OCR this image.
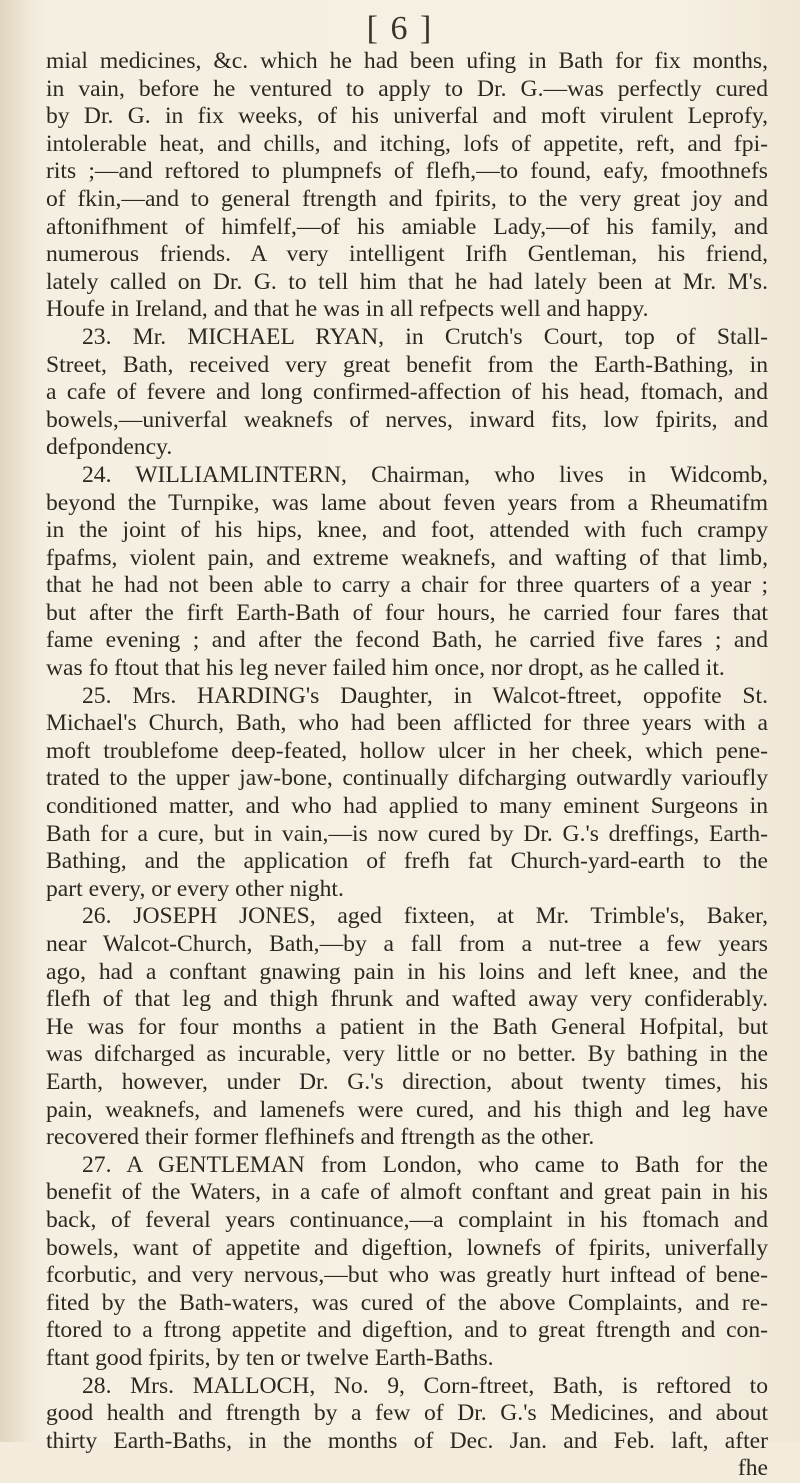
[ 6 ]
mial medicines, &c. which he had been ufing in Bath for fix months,
in vain, before he ventured to apply to Dr. G.—was perfectly cured
by Dr. G. in fix weeks, of his univerfal and moft virulent Leprofy,
intolerable heat, and chills, and itching, lofs of appetite, reft, and fpi-
rits ;—and reftored to plumpnefs of flefh,—to found, eafy, fmoothnefs
of fkin,—and to general ftrength and fpirits, to the very great joy and
aftonifhment of himfelf,—of his amiable Lady,—of his family, and
numerous friends. A very intelligent Irifh Gentleman, his friend,
lately called on Dr. G. to tell him that he had lately been at Mr. M's.
Houfe in Ireland, and that he was in all refpects well and happy.
23. Mr. MICHAEL RYAN, in Crutch's Court, top of Stall-
Street, Bath, received very great benefit from the Earth-Bathing, in
a cafe of fevere and long confirmed-affection of his head, ftomach, and
bowels,—univerfal weaknefs of nerves, inward fits, low fpirits, and
defpondency.
24. WILLIAMLINTERN, Chairman, who lives in Widcomb,
beyond the Turnpike, was lame about feven years from a Rheumatifm
in the joint of his hips, knee, and foot, attended with fuch crampy
fpafms, violent pain, and extreme weaknefs, and wafting of that limb,
that he had not been able to carry a chair for three quarters of a year ;
but after the firft Earth-Bath of four hours, he carried four fares that
fame evening ; and after the fecond Bath, he carried five fares ; and
was fo ftout that his leg never failed him once, nor dropt, as he called it.
25. Mrs. HARDING's Daughter, in Walcot-ftreet, oppofite St.
Michael's Church, Bath, who had been afflicted for three years with a
moft troublefome deep-feated, hollow ulcer in her cheek, which pene-
trated to the upper jaw-bone, continually difcharging outwardly varioufly
conditioned matter, and who had applied to many eminent Surgeons in
Bath for a cure, but in vain,—is now cured by Dr. G.'s dreffings, Earth-
Bathing, and the application of frefh fat Church-yard-earth to the
part every, or every other night.
26. JOSEPH JONES, aged fixteen, at Mr. Trimble's, Baker,
near Walcot-Church, Bath,—by a fall from a nut-tree a few years
ago, had a conftant gnawing pain in his loins and left knee, and the
flefh of that leg and thigh fhrunk and wafted away very confiderably.
He was for four months a patient in the Bath General Hofpital, but
was difcharged as incurable, very little or no better. By bathing in the
Earth, however, under Dr. G.'s direction, about twenty times, his
pain, weaknefs, and lamenefs were cured, and his thigh and leg have
recovered their former flefhinefs and ftrength as the other.
27. A GENTLEMAN from London, who came to Bath for the
benefit of the Waters, in a cafe of almoft conftant and great pain in his
back, of feveral years continuance,—a complaint in his ftomach and
bowels, want of appetite and digeftion, lownefs of fpirits, univerfally
fcorbutic, and very nervous,—but who was greatly hurt inftead of bene-
fited by the Bath-waters, was cured of the above Complaints, and re-
ftored to a ftrong appetite and digeftion, and to great ftrength and con-
ftant good fpirits, by ten or twelve Earth-Baths.
28. Mrs. MALLOCH, No. 9, Corn-ftreet, Bath, is reftored to
good health and ftrength by a few of Dr. G.'s Medicines, and about
thirty Earth-Baths, in the months of Dec. Jan. and Feb. laft, after
fhe
